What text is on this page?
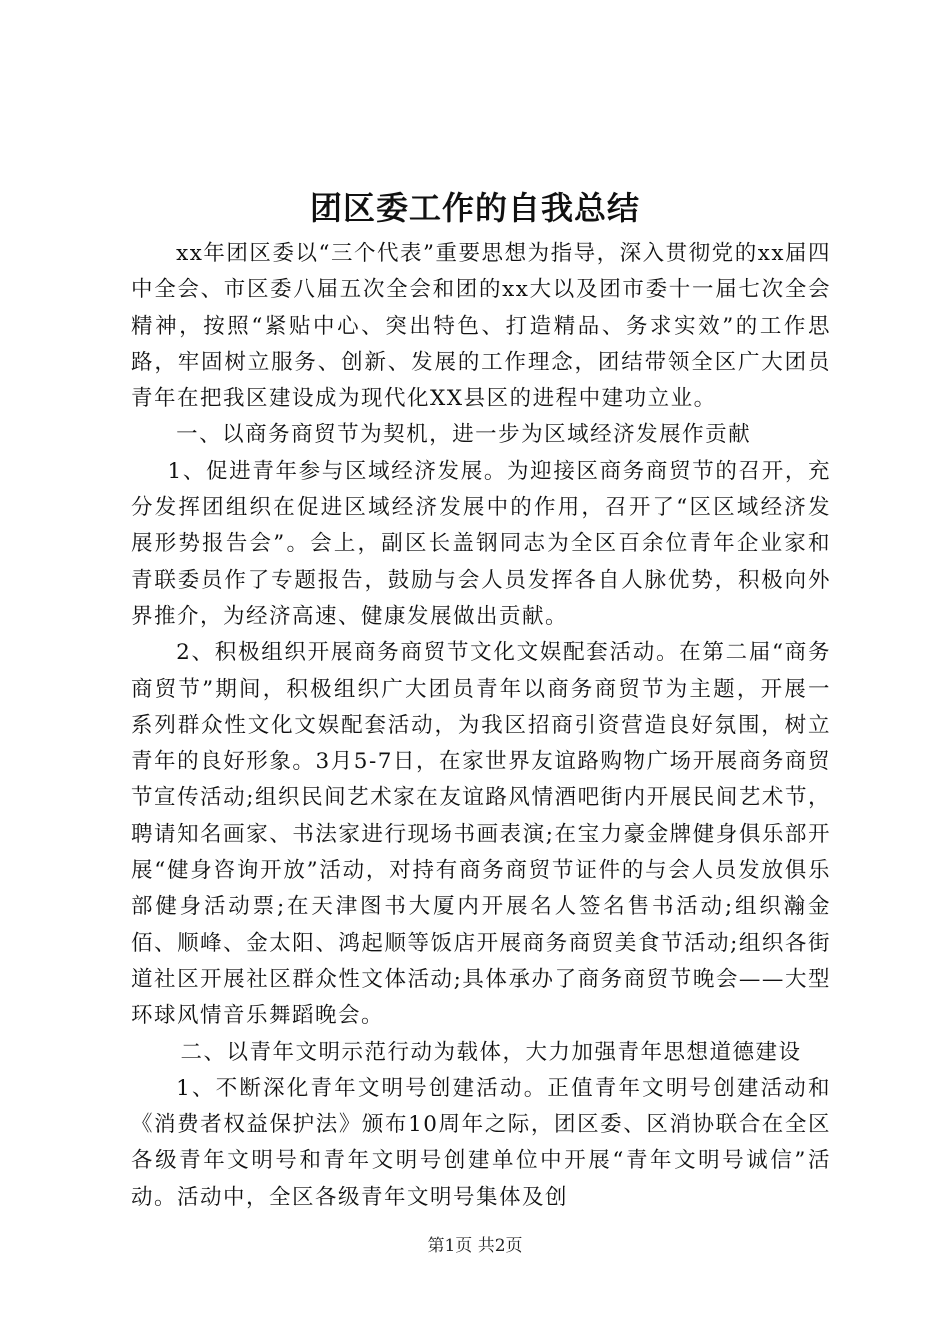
团区委工作的自我总结

xx年团区委以“三个代表”重要思想为指导，深入贯彻党的xx届四中全会、市区委八届五次全会和团的xx大以及团市委十一届七次全会精神，按照“紧贴中心、突出特色、打造精品、务求实效”的工作思路，牢固树立服务、创新、发展的工作理念，团结带领全区广大团员青年在把我区建设成为现代化XX县区的进程中建功立业。

一、以商务商贸节为契机，进一步为区域经济发展作贡献

1、促进青年参与区域经济发展。为迎接区商务商贸节的召开，充分发挥团组织在促进区域经济发展中的作用，召开了“区区域经济发展形势报告会”。会上，副区长盖钢同志为全区百余位青年企业家和青联委员作了专题报告，鼓励与会人员发挥各自人脉优势，积极向外界推介，为经济高速、健康发展做出贡献。

2、积极组织开展商务商贸节文化文娱配套活动。在第二届“商务商贸节”期间，积极组织广大团员青年以商务商贸节为主题，开展一系列群众性文化文娱配套活动，为我区招商引资营造良好氛围，树立青年的良好形象。3月5-7日，在家世界友谊路购物广场开展商务商贸节宣传活动;组织民间艺术家在友谊路风情酒吧街内开展民间艺术节，聘请知名画家、书法家进行现场书画表演;在宝力豪金牌健身俱乐部开展“健身咨询开放”活动，对持有商务商贸节证件的与会人员发放俱乐部健身活动票;在天津图书大厦内开展名人签名售书活动;组织瀚金佰、顺峰、金太阳、鸿起顺等饭店开展商务商贸美食节活动;组织各街道社区开展社区群众性文体活动;具体承办了商务商贸节晚会——大型环球风情音乐舞蹈晚会。

二、以青年文明示范行动为载体，大力加强青年思想道德建设

1、不断深化青年文明号创建活动。正值青年文明号创建活动和《消费者权益保护法》颁布10周年之际，团区委、区消协联合在全区各级青年文明号和青年文明号创建单位中开展“青年文明号诚信”活动。活动中，全区各级青年文明号集体及创

第1页 共2页
